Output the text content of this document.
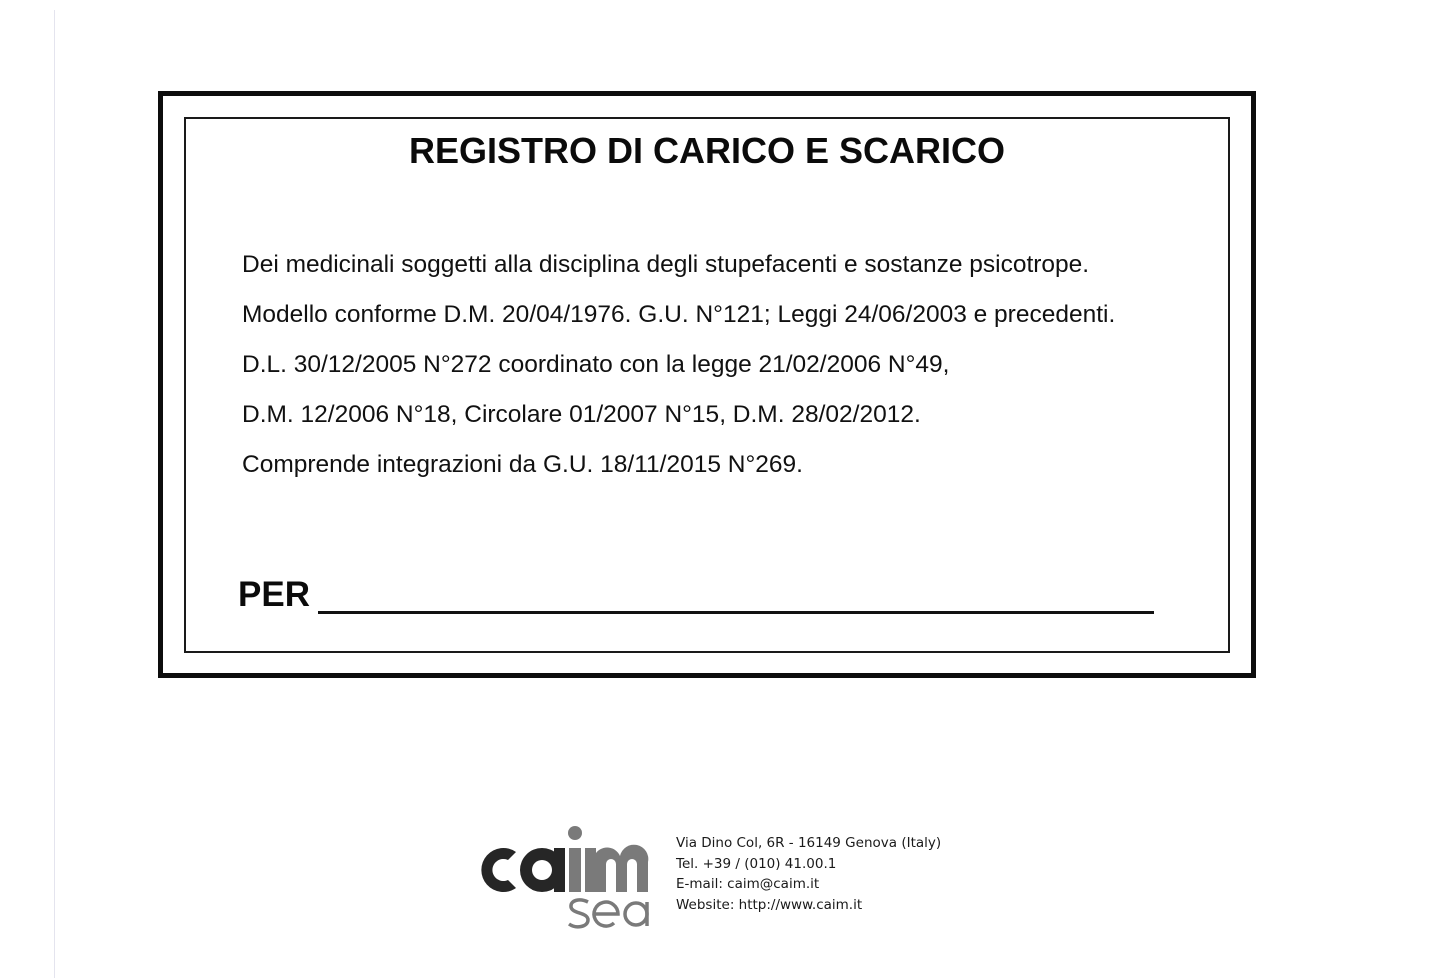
REGISTRO DI CARICO E SCARICO
Dei medicinali soggetti alla disciplina degli stupefacenti e sostanze psicotrope.
Modello conforme D.M. 20/04/1976. G.U. N°121; Leggi 24/06/2003 e precedenti.
D.L. 30/12/2005 N°272 coordinato con la legge 21/02/2006 N°49,
D.M. 12/2006 N°18, Circolare 01/2007 N°15, D.M. 28/02/2012.
Comprende integrazioni da G.U. 18/11/2015 N°269.
PER
Via Dino Col, 6R - 16149 Genova (Italy)
Tel. +39 / (010) 41.00.1
E-mail: caim@caim.it
Website: http://www.caim.it
